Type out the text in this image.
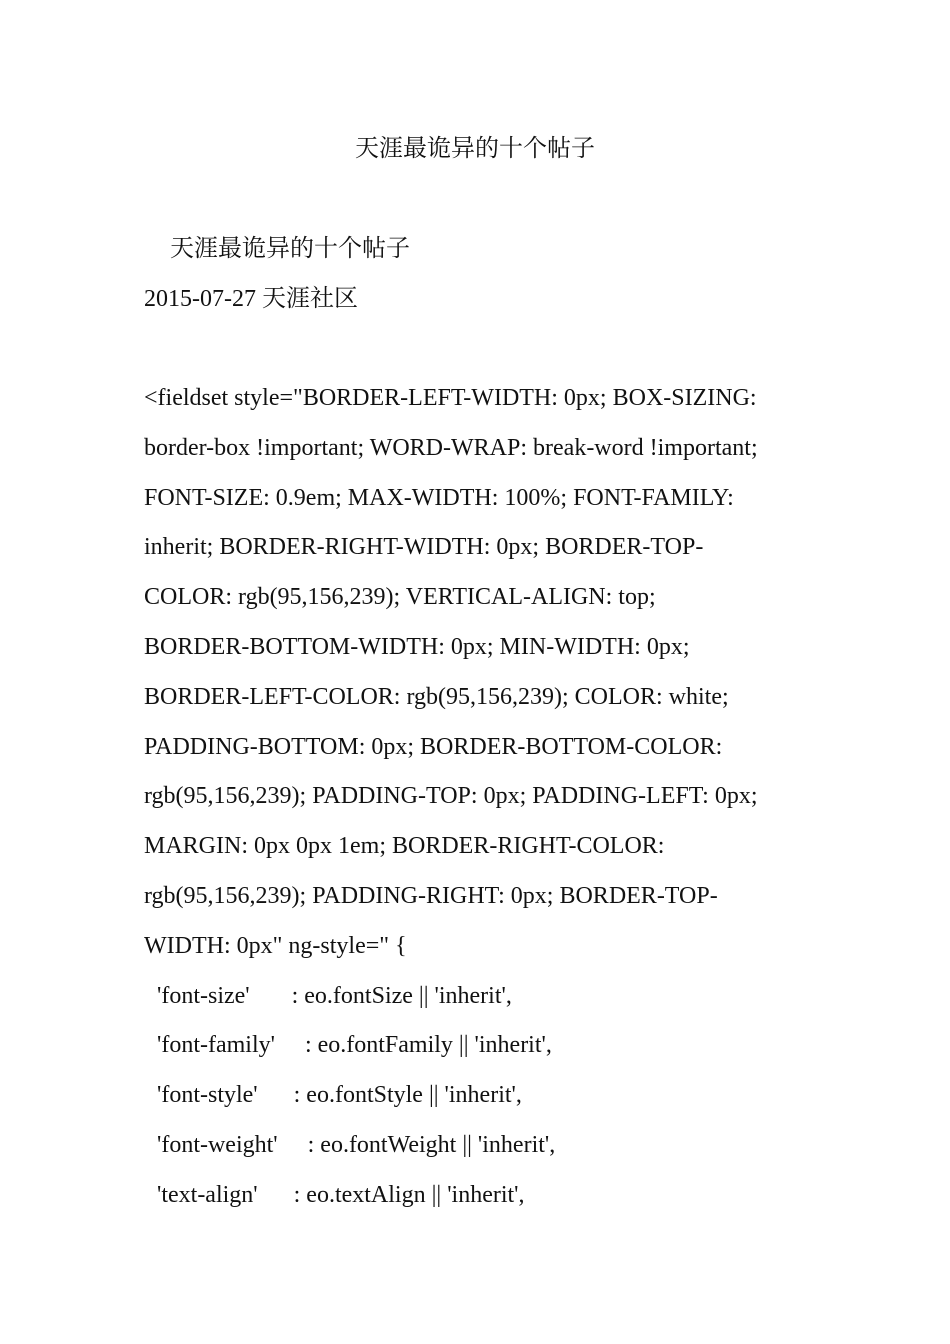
天涯最诡异的十个帖子
天涯最诡异的十个帖子
2015-07-27 天涯社区
<fieldset style="BORDER-LEFT-WIDTH: 0px; BOX-SIZING:
border-box !important; WORD-WRAP: break-word !important;
FONT-SIZE: 0.9em; MAX-WIDTH: 100%; FONT-FAMILY:
inherit; BORDER-RIGHT-WIDTH: 0px; BORDER-TOP-
COLOR: rgb(95,156,239); VERTICAL-ALIGN: top;
BORDER-BOTTOM-WIDTH: 0px; MIN-WIDTH: 0px;
BORDER-LEFT-COLOR: rgb(95,156,239); COLOR: white;
PADDING-BOTTOM: 0px; BORDER-BOTTOM-COLOR:
rgb(95,156,239); PADDING-TOP: 0px; PADDING-LEFT: 0px;
MARGIN: 0px 0px 1em; BORDER-RIGHT-COLOR:
rgb(95,156,239); PADDING-RIGHT: 0px; BORDER-TOP-
WIDTH: 0px" ng-style=" {
'font-size'       : eo.fontSize || 'inherit',
'font-family'     : eo.fontFamily || 'inherit',
'font-style'      : eo.fontStyle || 'inherit',
'font-weight'     : eo.fontWeight || 'inherit',
'text-align'      : eo.textAlign || 'inherit',
